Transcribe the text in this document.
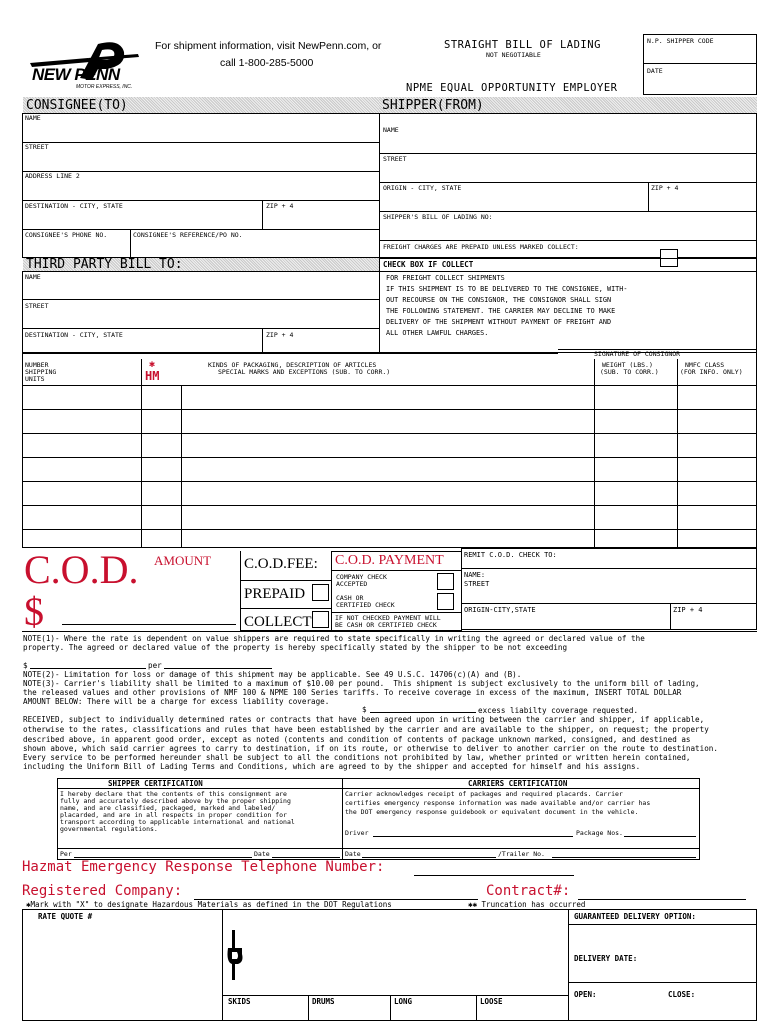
NEW PENN
MOTOR EXPRESS, INC.
For shipment information, visit NewPenn.com, or
call 1-800-285-5000
STRAIGHT BILL OF LADING
NOT NEGOTIABLE
N.P. SHIPPER CODE
DATE
NPME EQUAL OPPORTUNITY EMPLOYER
CONSIGNEE(TO)
NAME
STREET
ADDRESS LINE 2
DESTINATION - CITY, STATE	ZIP + 4
CONSIGNEE'S PHONE NO.	CONSIGNEE'S REFERENCE/PO NO.
SHIPPER(FROM)
NAME
STREET
ORIGIN - CITY, STATE	ZIP + 4
SHIPPER'S BILL OF LADING NO:
FREIGHT CHARGES ARE PREPAID UNLESS MARKED COLLECT:
CHECK BOX IF COLLECT
FOR FREIGHT COLLECT SHIPMENTS
IF THIS SHIPMENT IS TO BE DELIVERED TO THE CONSIGNEE, WITH-
OUT RECOURSE ON THE CONSIGNOR, THE CONSIGNOR SHALL SIGN
THE FOLLOWING STATEMENT. THE CARRIER MAY DECLINE TO MAKE
DELIVERY OF THE SHIPMENT WITHOUT PAYMENT OF FREIGHT AND
ALL OTHER LAWFUL CHARGES.
SIGNATURE OF CONSIGNOR
THIRD PARTY BILL TO:
NAME
STREET
DESTINATION - CITY, STATE	ZIP + 4
NUMBER
SHIPPING
UNITS
✱
HM
KINDS OF PACKAGING, DESCRIPTION OF ARTICLES
SPECIAL MARKS AND EXCEPTIONS (SUB. TO CORR.)
WEIGHT (LBS.)
(SUB. TO CORR.)
NMFC CLASS
(FOR INFO. ONLY)
C.O.D. AMOUNT
$
C.O.D.FEE:
PREPAID
COLLECT
C.O.D. PAYMENT
COMPANY CHECK
ACCEPTED
CASH OR
CERTIFIED CHECK
IF NOT CHECKED PAYMENT WILL
BE CASH OR CERTIFIED CHECK
REMIT C.O.D. CHECK TO:
NAME:
STREET
ORIGIN-CITY,STATE	ZIP + 4
NOTE(1)- Where the rate is dependent on value shippers are required to state specifically in writing the agreed or declared value of the
property. The agreed or declared value of the property is hereby specifically stated by the shipper to be not exceeding
$	per
NOTE(2)- Limitation for loss or damage of this shipment may be applicable. See 49 U.S.C. 14706(c)(A) and (B).
NOTE(3)- Carrier's liability shall be limited to a maximum of $10.00 per pound.  This shipment is subject exclusively to the uniform bill of lading,
the released values and other provisions of NMF 100 & NPME 100 Series tariffs. To receive coverage in excess of the maximum, INSERT TOTAL DOLLAR
AMOUNT BELOW: There will be a charge for excess liability coverage.
$	excess liabilty coverage requested.
RECEIVED, subject to individually determined rates or contracts that have been agreed upon in writing between the carrier and shipper, if applicable,
otherwise to the rates, classifications and rules that have been established by the carrier and are available to the shipper, on request; the property
described above, in apparent good order, except as noted (contents and condition of contents of package unknown marked, consigned, and destined as
shown above, which said carrier agrees to carry to destination, if on its route, or otherwise to deliver to another carrier on the route to destination.
Every service to be performed hereunder shall be subject to all the conditions not prohibited by law, whether printed or written herein contained,
including the Uniform Bill of Lading Terms and Conditions, which are agreed to by the shipper and accepted for himself and his assigns.
SHIPPER CERTIFICATION	CARRIERS CERTIFICATION
I hereby declare that the contents of this consignment are
fully and accurately described above by the proper shipping
name, and are classified, packaged, marked and labeled/
placarded, and are in all respects in proper condition for
transport according to applicable international and national
governmental regulations.
Per	Date
Carrier acknowledges receipt of packages and required placards. Carrier
certifies emergency response information was made available and/or carrier has
the DOT emergency response guidebook or equivalent document in the vehicle.
Driver	Package Nos.
Date	/Trailer No.
Hazmat Emergency Response Telephone Number:
Registered Company:	Contract#:
✱Mark with "X" to designate Hazardous Materials as defined in the DOT Regulations	✱✱ Truncation has occurred
RATE QUOTE #
SKIDS	DRUMS	LONG	LOOSE
GUARANTEED DELIVERY OPTION:
DELIVERY DATE:
OPEN:	CLOSE:
